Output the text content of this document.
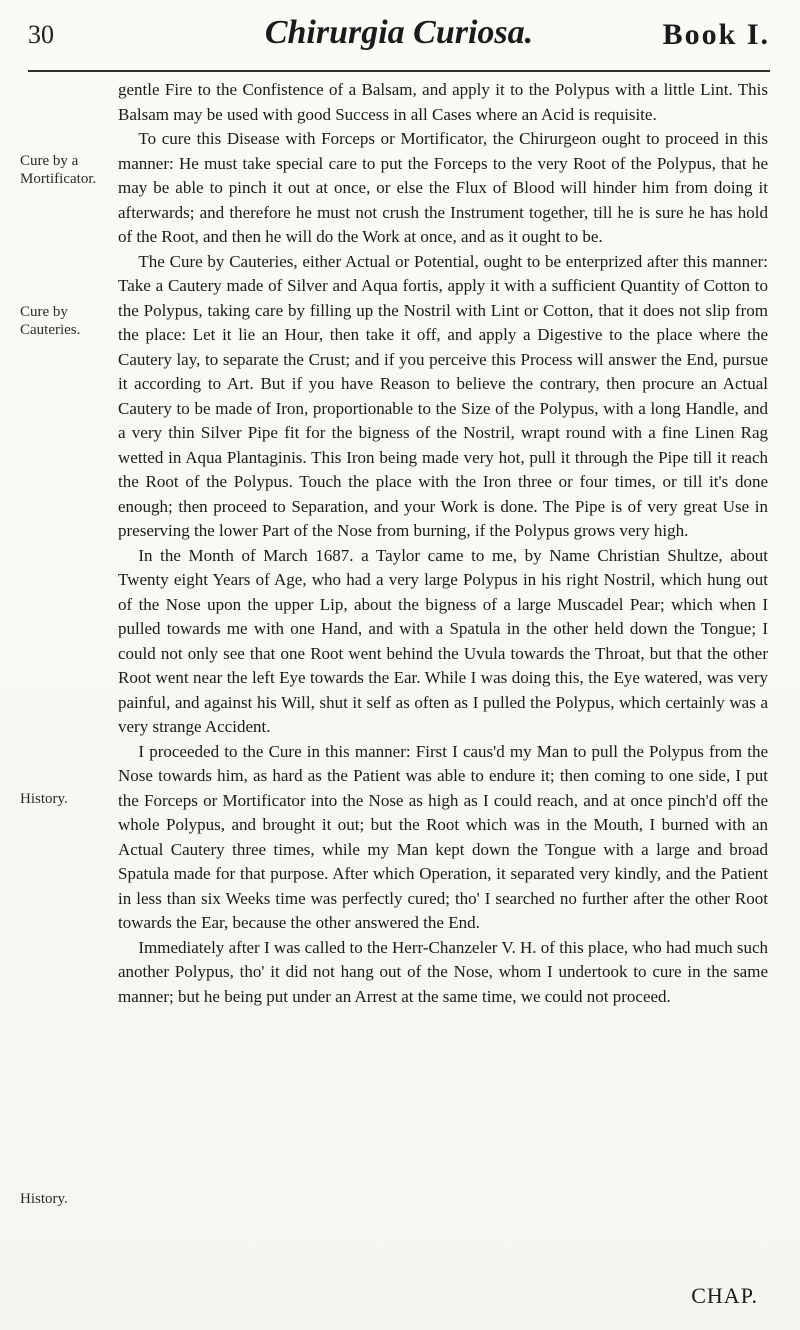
30	Chirurgia Curiosa.	Book I.
Cure by a Mortificator.
Cure by Cauteries.
History.
History.

gentle Fire to the Confistence of a Balsam, and apply it to the Polypus with a little Lint. This Balsam may be used with good Success in all Cases where an Acid is requisite.

To cure this Disease with Forceps or Mortificator, the Chirurgeon ought to proceed in this manner: He must take special care to put the Forceps to the very Root of the Polypus, that he may be able to pinch it out at once, or else the Flux of Blood will hinder him from doing it afterwards; and therefore he must not crush the Instrument together, till he is sure he has hold of the Root, and then he will do the Work at once, and as it ought to be.

The Cure by Cauteries, either Actual or Potential, ought to be enterprized after this manner: Take a Cautery made of Silver and Aqua fortis, apply it with a sufficient Quantity of Cotton to the Polypus, taking care by filling up the Nostril with Lint or Cotton, that it does not slip from the place: Let it lie an Hour, then take it off, and apply a Digestive to the place where the Cautery lay, to separate the Crust; and if you perceive this Process will answer the End, pursue it according to Art. But if you have Reason to believe the contrary, then procure an Actual Cautery to be made of Iron, proportionable to the Size of the Polypus, with a long Handle, and a very thin Silver Pipe fit for the bigness of the Nostril, wrapt round with a fine Linen Rag wetted in Aqua Plantaginis. This Iron being made very hot, pull it through the Pipe till it reach the Root of the Polypus. Touch the place with the Iron three or four times, or till it's done enough; then proceed to Separation, and your Work is done. The Pipe is of very great Use in preserving the lower Part of the Nose from burning, if the Polypus grows very high.

In the Month of March 1687. a Taylor came to me, by Name Christian Shultze, about Twenty eight Years of Age, who had a very large Polypus in his right Nostril, which hung out of the Nose upon the upper Lip, about the bigness of a large Muscadel Pear; which when I pulled towards me with one Hand, and with a Spatula in the other held down the Tongue; I could not only see that one Root went behind the Uvula towards the Throat, but that the other Root went near the left Eye towards the Ear. While I was doing this, the Eye watered, was very painful, and against his Will, shut it self as often as I pulled the Polypus, which certainly was a very strange Accident.

I proceeded to the Cure in this manner: First I caus'd my Man to pull the Polypus from the Nose towards him, as hard as the Patient was able to endure it; then coming to one side, I put the Forceps or Mortificator into the Nose as high as I could reach, and at once pinch'd off the whole Polypus, and brought it out; but the Root which was in the Mouth, I burned with an Actual Cautery three times, while my Man kept down the Tongue with a large and broad Spatula made for that purpose. After which Operation, it separated very kindly, and the Patient in less than six Weeks time was perfectly cured; tho' I searched no further after the other Root towards the Ear, because the other answered the End.

Immediately after I was called to the Herr-Chanzeler V. H. of this place, who had much such another Polypus, tho' it did not hang out of the Nose, whom I undertook to cure in the same manner; but he being put under an Arrest at the same time, we could not proceed.

CHAP.
